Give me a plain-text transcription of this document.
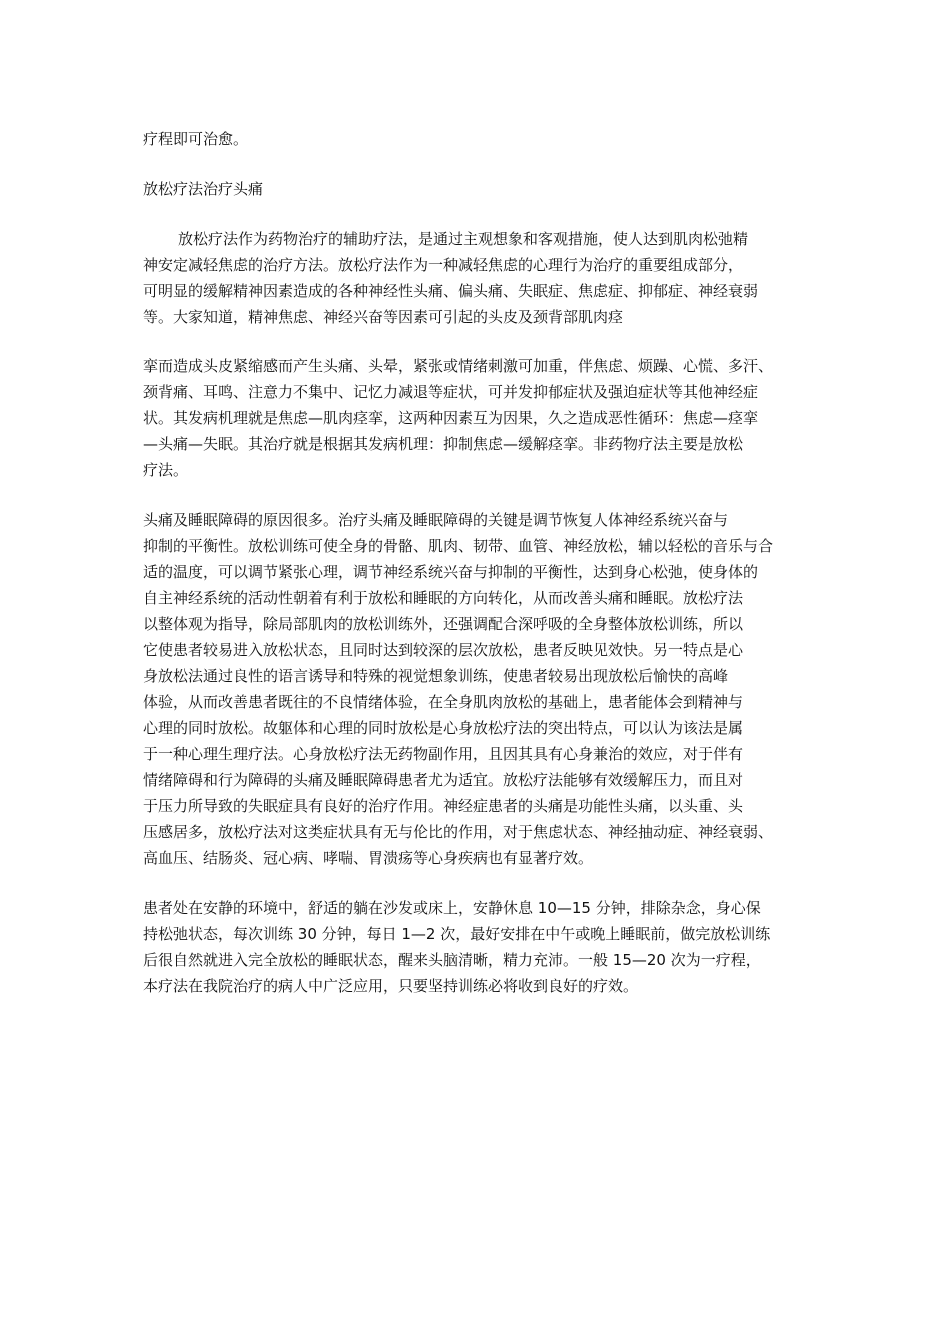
疗程即可治愈。

放松疗法治疗头痛

放松疗法作为药物治疗的辅助疗法，是通过主观想象和客观措施，使人达到肌肉松弛精

神安定减轻焦虑的治疗方法。放松疗法作为一种减轻焦虑的心理行为治疗的重要组成部分，

可明显的缓解精神因素造成的各种神经性头痛、偏头痛、失眠症、焦虑症、抑郁症、神经衰弱

等。大家知道，精神焦虑、神经兴奋等因素可引起的头皮及颈背部肌肉痉

挛而造成头皮紧缩感而产生头痛、头晕，紧张或情绪刺激可加重，伴焦虑、烦躁、心慌、多汗、

颈背痛、耳鸣、注意力不集中、记忆力减退等症状，可并发抑郁症状及强迫症状等其他神经症

状。其发病机理就是焦虑—肌肉痉挛，这两种因素互为因果，久之造成恶性循环：焦虑—痉挛

—头痛—失眠。其治疗就是根据其发病机理：抑制焦虑—缓解痉挛。非药物疗法主要是放松

疗法。

头痛及睡眠障碍的原因很多。治疗头痛及睡眠障碍的关键是调节恢复人体神经系统兴奋与

抑制的平衡性。放松训练可使全身的骨骼、肌肉、韧带、血管、神经放松，辅以轻松的音乐与合

适的温度，可以调节紧张心理，调节神经系统兴奋与抑制的平衡性，达到身心松弛，使身体的

自主神经系统的活动性朝着有利于放松和睡眠的方向转化，从而改善头痛和睡眠。放松疗法

以整体观为指导，除局部肌肉的放松训练外，还强调配合深呼吸的全身整体放松训练，所以

它使患者较易进入放松状态，且同时达到较深的层次放松，患者反映见效快。另一特点是心

身放松法通过良性的语言诱导和特殊的视觉想象训练，使患者较易出现放松后愉快的高峰

体验，从而改善患者既往的不良情绪体验，在全身肌肉放松的基础上，患者能体会到精神与

心理的同时放松。故躯体和心理的同时放松是心身放松疗法的突出特点，可以认为该法是属

于一种心理生理疗法。心身放松疗法无药物副作用，且因其具有心身兼治的效应，对于伴有

情绪障碍和行为障碍的头痛及睡眠障碍患者尤为适宜。放松疗法能够有效缓解压力，而且对

于压力所导致的失眠症具有良好的治疗作用。神经症患者的头痛是功能性头痛，以头重、头

压感居多，放松疗法对这类症状具有无与伦比的作用，对于焦虑状态、神经抽动症、神经衰弱、

高血压、结肠炎、冠心病、哮喘、胃溃疡等心身疾病也有显著疗效。

患者处在安静的环境中，舒适的躺在沙发或床上，安静休息 10—15 分钟，排除杂念，身心保

持松弛状态，每次训练 30 分钟，每日 1—2 次，最好安排在中午或晚上睡眠前，做完放松训练

后很自然就进入完全放松的睡眠状态，醒来头脑清晰，精力充沛。一般 15—20 次为一疗程，

本疗法在我院治疗的病人中广泛应用，只要坚持训练必将收到良好的疗效。
